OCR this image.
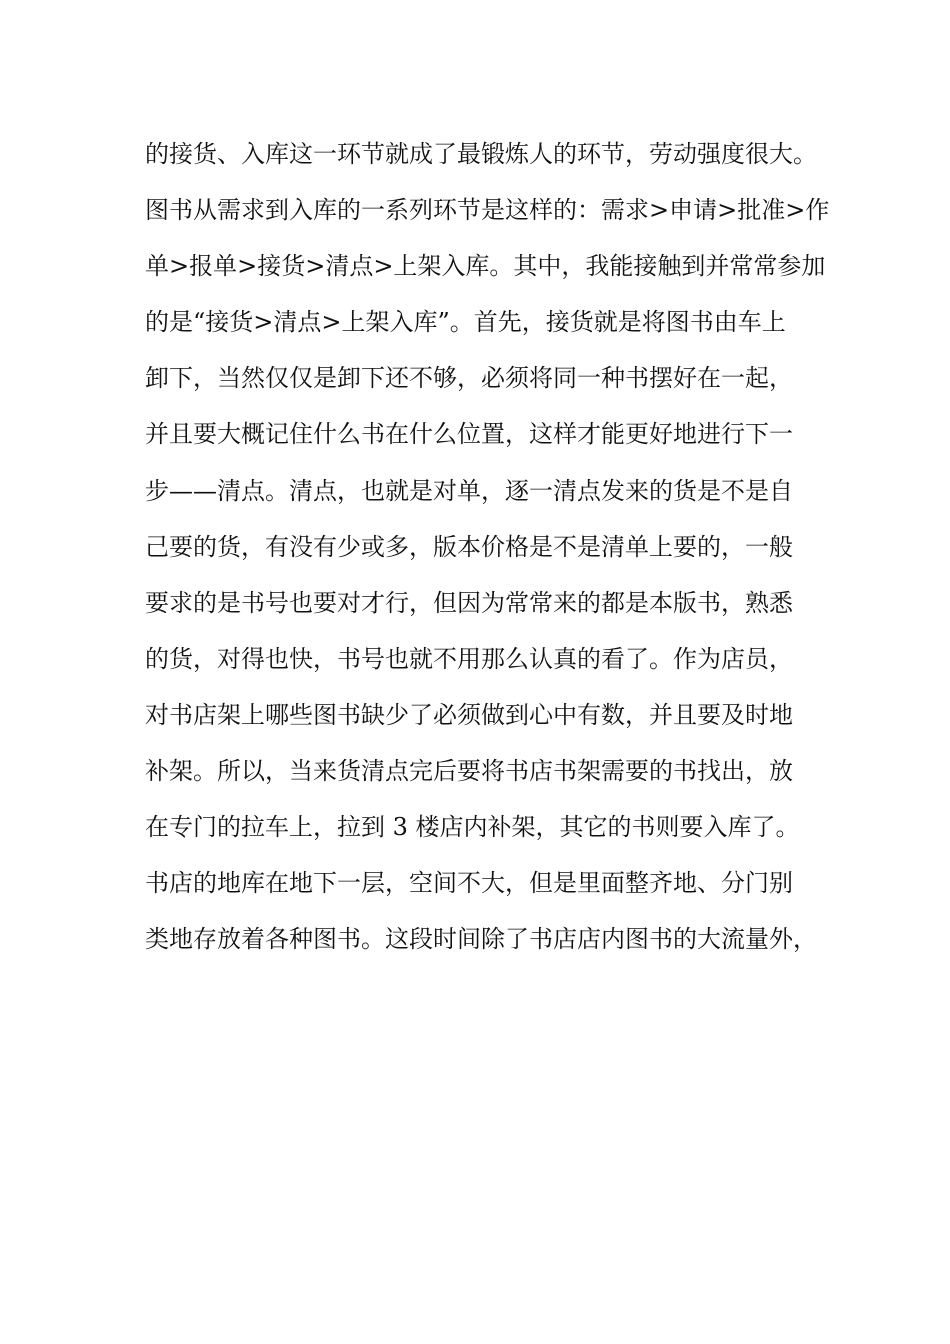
的接货、入库这一环节就成了最锻炼人的环节，劳动强度很大。
图书从需求到入库的一系列环节是这样的：需求>申请>批准>作
单>报单>接货>清点>上架入库。其中，我能接触到并常常参加
的是“接货>清点>上架入库”。首先，接货就是将图书由车上
卸下，当然仅仅是卸下还不够，必须将同一种书摆好在一起，
并且要大概记住什么书在什么位置，这样才能更好地进行下一
步——清点。清点，也就是对单，逐一清点发来的货是不是自
己要的货，有没有少或多，版本价格是不是清单上要的，一般
要求的是书号也要对才行，但因为常常来的都是本版书，熟悉
的货，对得也快，书号也就不用那么认真的看了。作为店员，
对书店架上哪些图书缺少了必须做到心中有数，并且要及时地
补架。所以，当来货清点完后要将书店书架需要的书找出，放
在专门的拉车上，拉到 3 楼店内补架，其它的书则要入库了。
书店的地库在地下一层，空间不大，但是里面整齐地、分门别
类地存放着各种图书。这段时间除了书店店内图书的大流量外，
